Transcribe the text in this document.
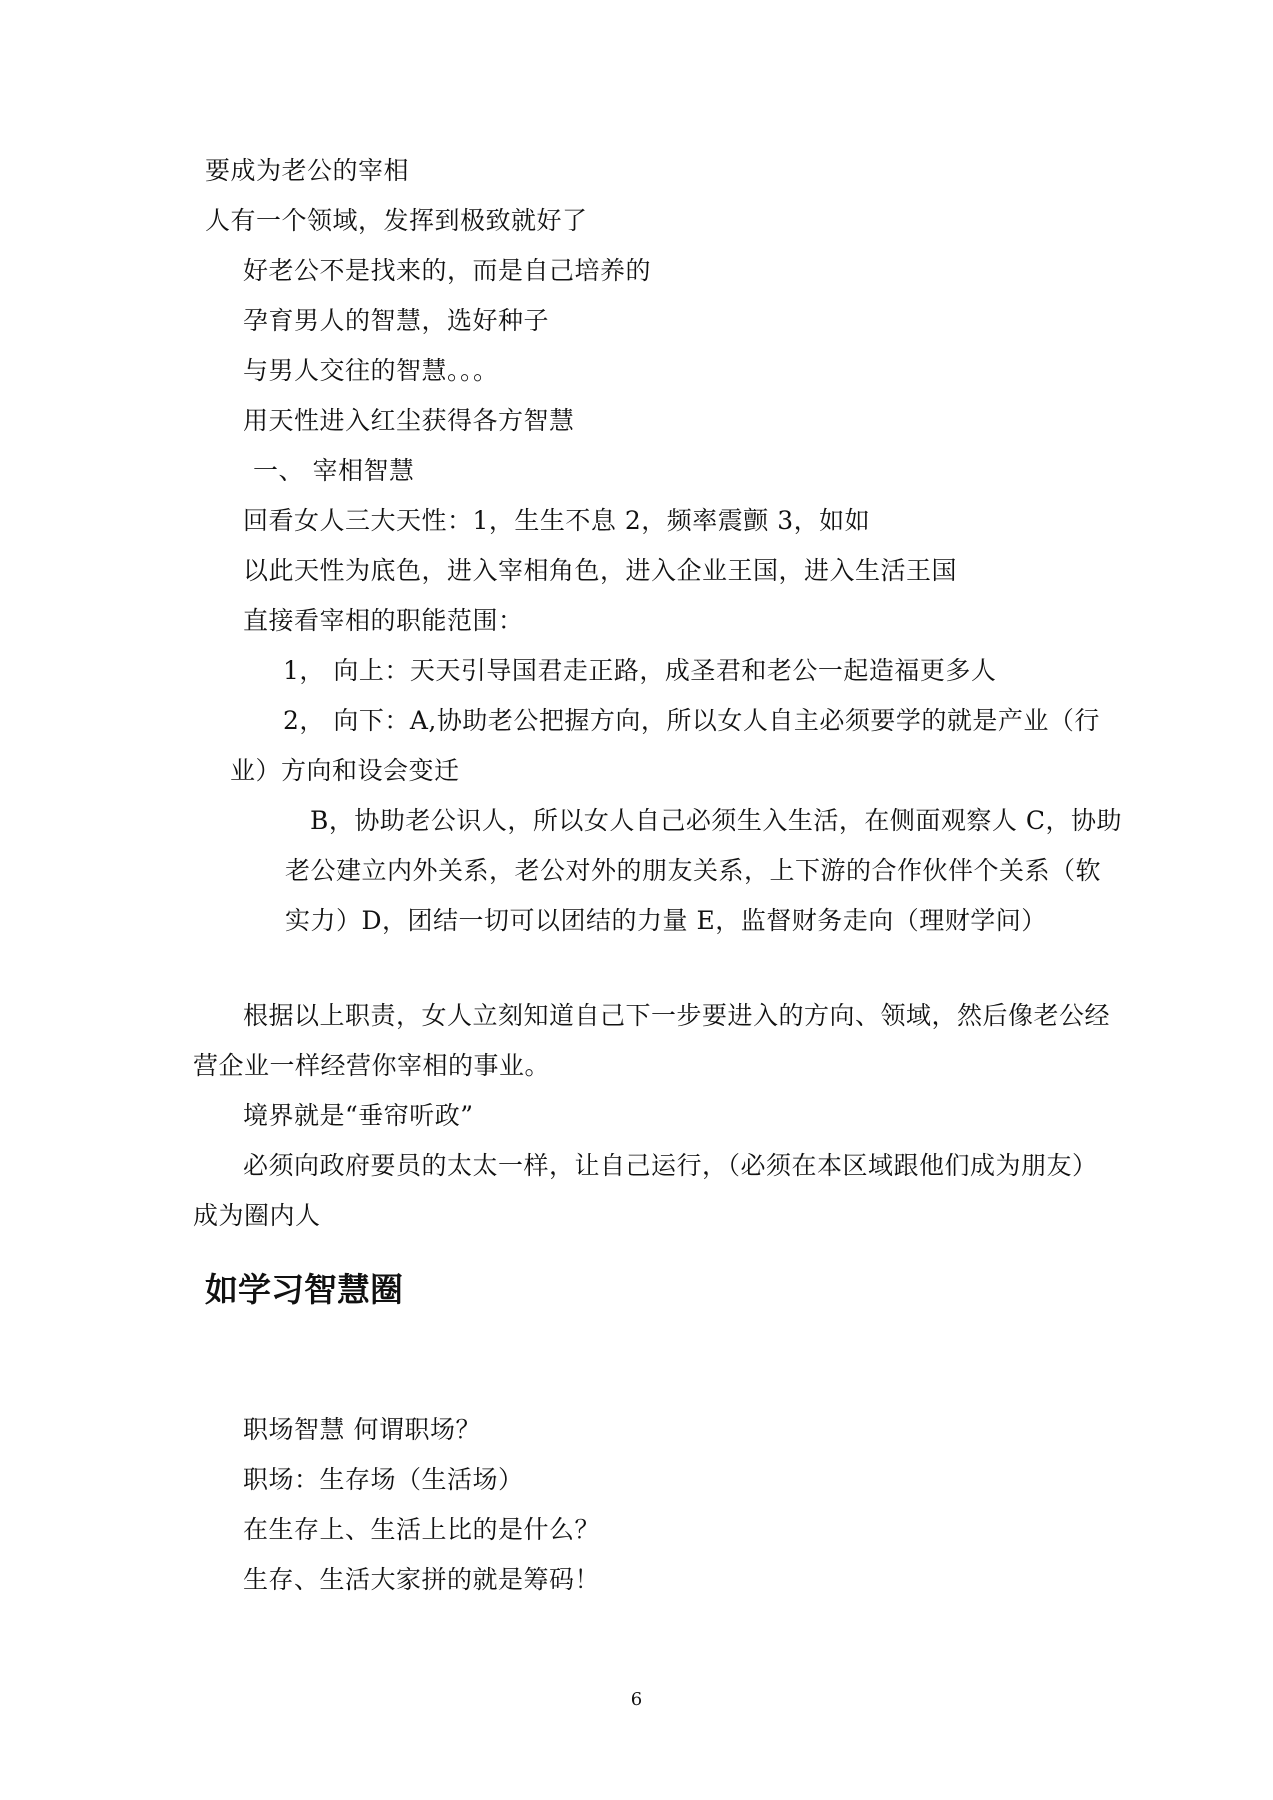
要成为老公的宰相
人有一个领域，发挥到极致就好了
好老公不是找来的，而是自己培养的
孕育男人的智慧，选好种子
与男人交往的智慧。。。
用天性进入红尘获得各方智慧
一、 宰相智慧
回看女人三大天性：1，生生不息 2，频率震颤 3，如如
以此天性为底色，进入宰相角色，进入企业王国，进入生活王国
直接看宰相的职能范围：
1， 向上：天天引导国君走正路，成圣君和老公一起造福更多人
2， 向下：A,协助老公把握方向，所以女人自主必须要学的就是产业（行
业）方向和设会变迁
B，协助老公识人，所以女人自己必须生入生活，在侧面观察人 C，协助
老公建立内外关系，老公对外的朋友关系，上下游的合作伙伴个关系（软
实力）D，团结一切可以团结的力量 E，监督财务走向（理财学问）
根据以上职责，女人立刻知道自己下一步要进入的方向、领域，然后像老公经
营企业一样经营你宰相的事业。
境界就是“垂帘听政”
必须向政府要员的太太一样，让自己运行，（必须在本区域跟他们成为朋友）
成为圈内人
如学习智慧圈
职场智慧 何谓职场？
职场：生存场（生活场）
在生存上、生活上比的是什么？
生存、生活大家拼的就是筹码！
6
